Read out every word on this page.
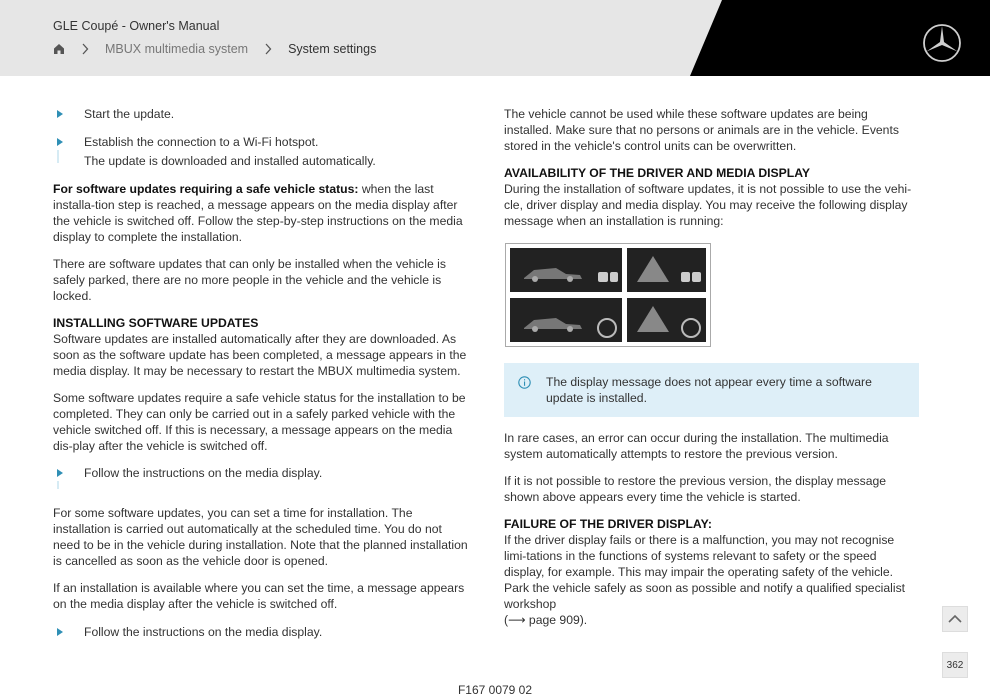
GLE Coupé - Owner's Manual
MBUX multimedia system	System settings

Start the update.

Establish the connection to a Wi-Fi hotspot.

The update is downloaded and installed automatically.

For software updates requiring a safe vehicle status: when the last installa-tion step is reached, a message appears on the media display after the vehicle is switched off. Follow the step-by-step instructions on the media display to complete the installation.

There are software updates that can only be installed when the vehicle is safely parked, there are no more people in the vehicle and the vehicle is locked.

INSTALLING SOFTWARE UPDATES

Software updates are installed automatically after they are downloaded. As soon as the software update has been completed, a message appears in the media display. It may be necessary to restart the MBUX multimedia system.

Some software updates require a safe vehicle status for the installation to be completed. They can only be carried out in a safely parked vehicle with the vehicle switched off. If this is necessary, a message appears on the media dis-play after the vehicle is switched off.

Follow the instructions on the media display.

For some software updates, you can set a time for installation. The installation is carried out automatically at the scheduled time. You do not need to be in the vehicle during installation. Note that the planned installation is cancelled as soon as the vehicle door is opened.

If an installation is available where you can set the time, a message appears on the media display after the vehicle is switched off.

Follow the instructions on the media display.

The vehicle cannot be used while these software updates are being installed. Make sure that no persons or animals are in the vehicle. Events stored in the vehicle's control units can be overwritten.

AVAILABILITY OF THE DRIVER AND MEDIA DISPLAY

During the installation of software updates, it is not possible to use the vehi-cle, driver display and media display. You may receive the following display message when an installation is running:

The display message does not appear every time a software update is installed.

In rare cases, an error can occur during the installation. The multimedia system automatically attempts to restore the previous version.

If it is not possible to restore the previous version, the display message shown above appears every time the vehicle is started.

FAILURE OF THE DRIVER DISPLAY:

If the driver display fails or there is a malfunction, you may not recognise limi-tations in the functions of systems relevant to safety or the speed display, for example. This may impair the operating safety of the vehicle. Park the vehicle safely as soon as possible and notify a qualified specialist workshop

(⟶ page 909).

362
F167 0079 02
